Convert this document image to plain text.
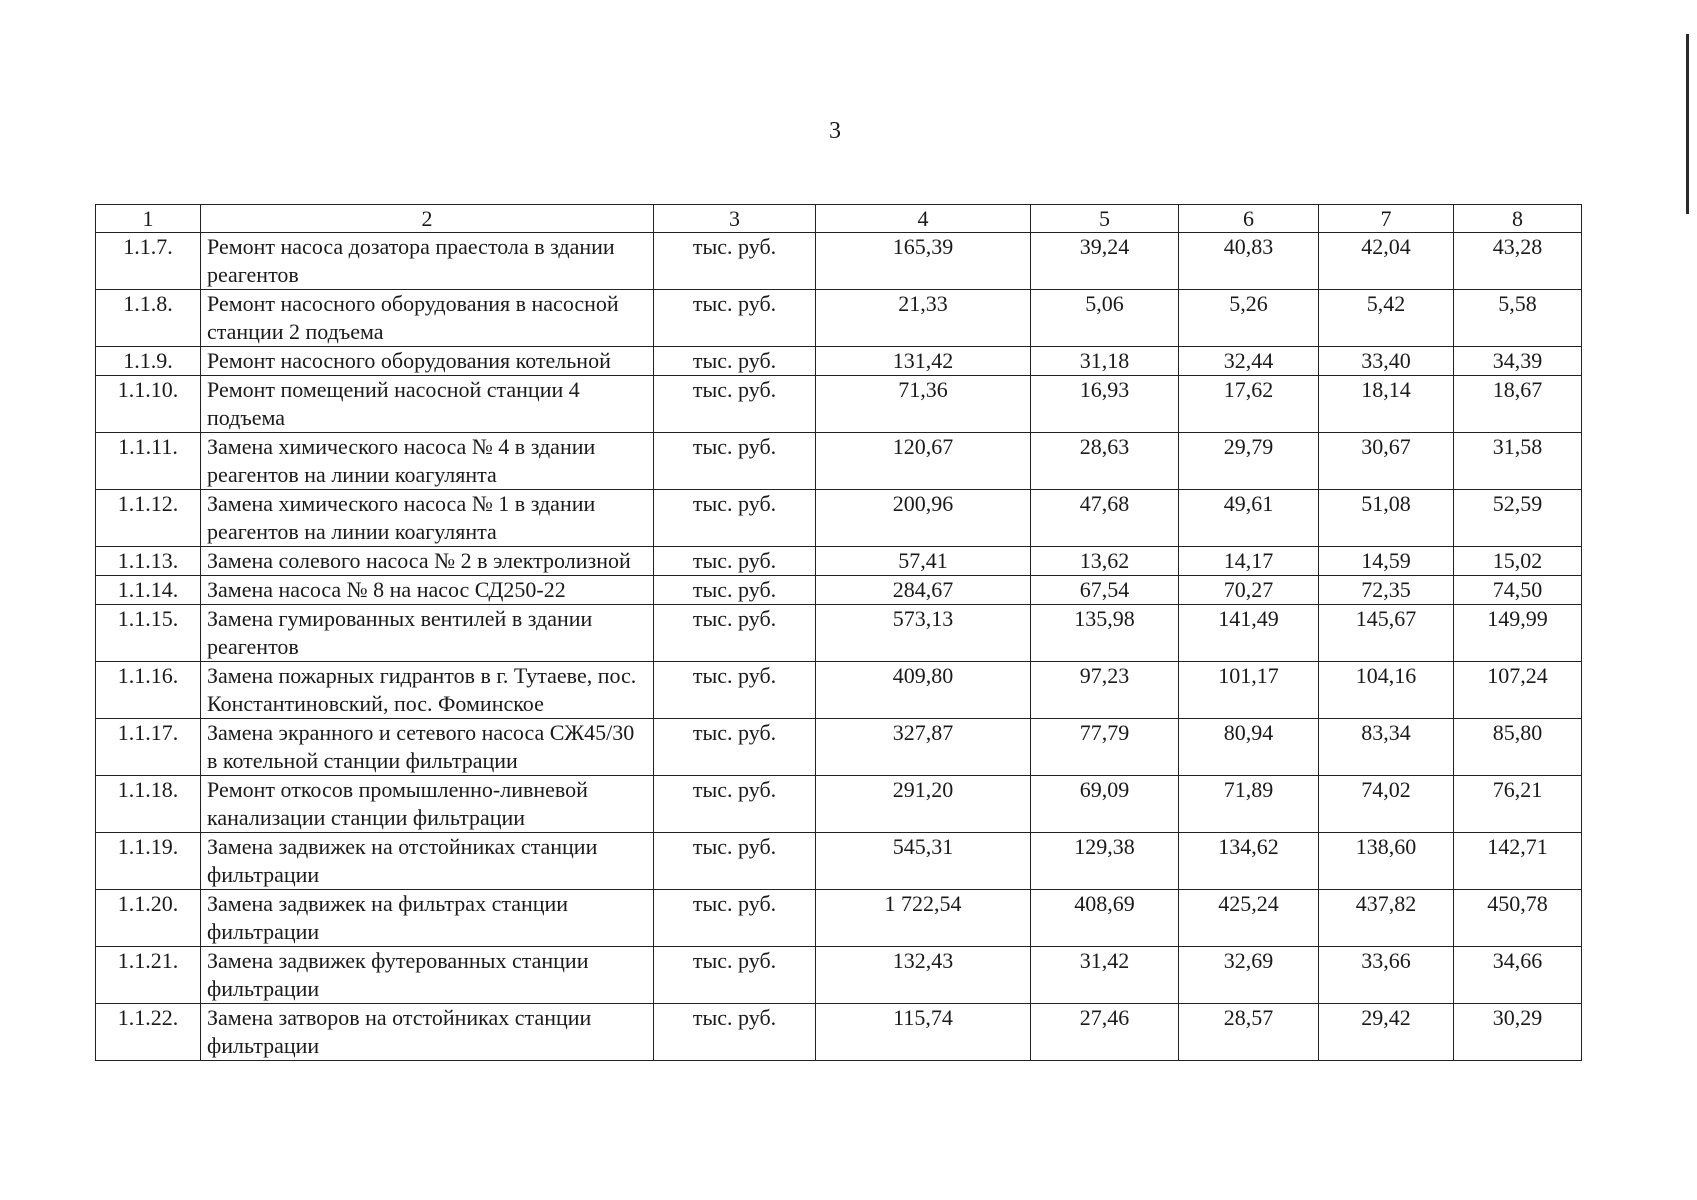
3
1	2	3	4	5	6	7	8
1.1.7.	Ремонт насоса дозатора праестола в здании реагентов	тыс. руб.	165,39	39,24	40,83	42,04	43,28
1.1.8.	Ремонт насосного оборудования в насосной станции 2 подъема	тыс. руб.	21,33	5,06	5,26	5,42	5,58
1.1.9.	Ремонт насосного оборудования котельной	тыс. руб.	131,42	31,18	32,44	33,40	34,39
1.1.10.	Ремонт помещений насосной станции 4 подъема	тыс. руб.	71,36	16,93	17,62	18,14	18,67
1.1.11.	Замена химического насоса № 4 в здании реагентов на линии коагулянта	тыс. руб.	120,67	28,63	29,79	30,67	31,58
1.1.12.	Замена химического насоса № 1 в здании реагентов на линии коагулянта	тыс. руб.	200,96	47,68	49,61	51,08	52,59
1.1.13.	Замена солевого насоса № 2 в электролизной	тыс. руб.	57,41	13,62	14,17	14,59	15,02
1.1.14.	Замена насоса № 8 на насос СД250-22	тыс. руб.	284,67	67,54	70,27	72,35	74,50
1.1.15.	Замена гумированных вентилей в здании реагентов	тыс. руб.	573,13	135,98	141,49	145,67	149,99
1.1.16.	Замена пожарных гидрантов в г. Тутаеве, пос. Константиновский, пос. Фоминское	тыс. руб.	409,80	97,23	101,17	104,16	107,24
1.1.17.	Замена экранного и сетевого насоса СЖ45/30 в котельной станции фильтрации	тыс. руб.	327,87	77,79	80,94	83,34	85,80
1.1.18.	Ремонт откосов промышленно-ливневой канализации станции фильтрации	тыс. руб.	291,20	69,09	71,89	74,02	76,21
1.1.19.	Замена задвижек на отстойниках станции фильтрации	тыс. руб.	545,31	129,38	134,62	138,60	142,71
1.1.20.	Замена задвижек на фильтрах станции фильтрации	тыс. руб.	1 722,54	408,69	425,24	437,82	450,78
1.1.21.	Замена задвижек футерованных станции фильтрации	тыс. руб.	132,43	31,42	32,69	33,66	34,66
1.1.22.	Замена затворов на отстойниках станции фильтрации	тыс. руб.	115,74	27,46	28,57	29,42	30,29
